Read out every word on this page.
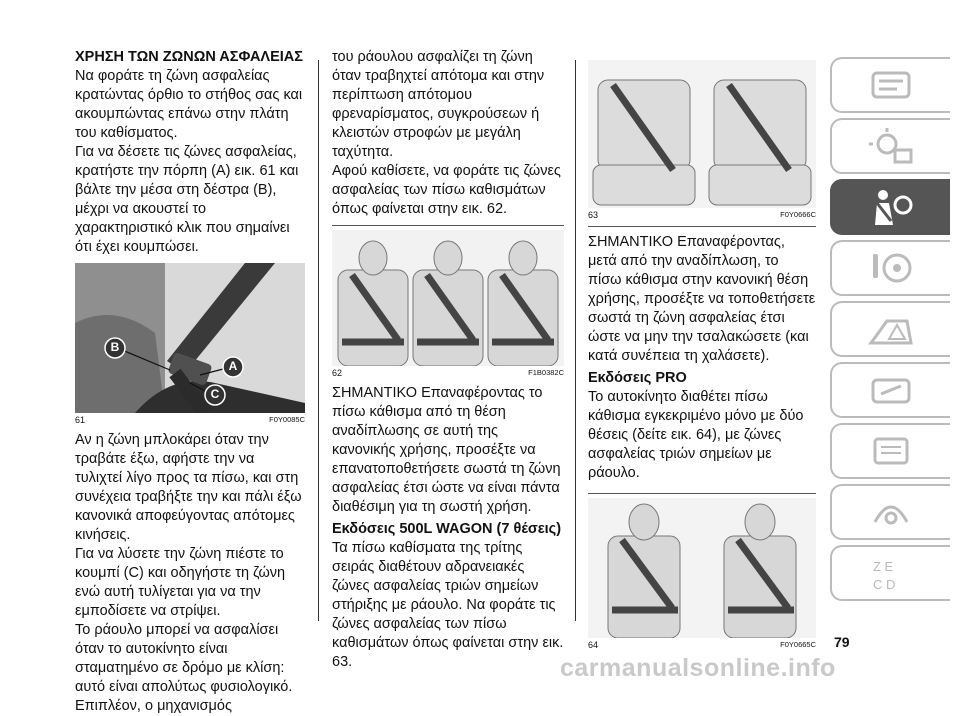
ΧΡΗΣΗ ΤΩΝ ΖΩΝΩΝ ΑΣΦΑΛΕΙΑΣ

Να φοράτε τη ζώνη ασφαλείας κρατώντας όρθιο το στήθος σας και ακουμπώντας επάνω στην πλάτη του καθίσματος.

Για να δέσετε τις ζώνες ασφαλείας, κρατήστε την πόρπη (A) εικ. 61 και βάλτε την μέσα στη δέστρα (B), μέχρι να ακουστεί το χαρακτηριστικό κλικ που σημαίνει ότι έχει κουμπώσει.

B
A
C
61	F0Y0085C

Αν η ζώνη μπλοκάρει όταν την τραβάτε έξω, αφήστε την να τυλιχτεί λίγο προς τα πίσω, και στη συνέχεια τραβήξτε την και πάλι έξω κανονικά αποφεύγοντας απότομες κινήσεις.

Για να λύσετε την ζώνη πιέστε το κουμπί (C) και οδηγήστε τη ζώνη ενώ αυτή τυλίγεται για να την εμποδίσετε να στρίψει.

Το ράουλο μπορεί να ασφαλίσει όταν το αυτοκίνητο είναι σταματημένο σε δρόμο με κλίση: αυτό είναι απολύτως φυσιολογικό. Επιπλέον, ο μηχανισμός

του ράουλου ασφαλίζει τη ζώνη όταν τραβηχτεί απότομα και στην περίπτωση απότομου φρεναρίσματος, συγκρούσεων ή κλειστών στροφών με μεγάλη ταχύτητα.

Αφού καθίσετε, να φοράτε τις ζώνες ασφαλείας των πίσω καθισμάτων όπως φαίνεται στην εικ. 62.

62	F1B0382C

ΣΗΜΑΝΤΙΚΟ Επαναφέροντας το πίσω κάθισμα από τη θέση αναδίπλωσης σε αυτή της κανονικής χρήσης, προσέξτε να επανατοποθετήσετε σωστά τη ζώνη ασφαλείας έτσι ώστε να είναι πάντα διαθέσιμη για τη σωστή χρήση.

Εκδόσεις 500L WAGON (7 θέσεις)

Τα πίσω καθίσματα της τρίτης σειράς διαθέτουν αδρανειακές ζώνες ασφαλείας τριών σημείων στήριξης με ράουλο. Να φοράτε τις ζώνες ασφαλείας των πίσω καθισμάτων όπως φαίνεται στην εικ. 63.

63	F0Y0666C

ΣΗΜΑΝΤΙΚΟ Επαναφέροντας, μετά από την αναδίπλωση, το πίσω κάθισμα στην κανονική θέση χρήσης, προσέξτε να τοποθετήσετε σωστά τη ζώνη ασφαλείας έτσι ώστε να μην την τσαλακώσετε (και κατά συνέπεια τη χαλάσετε).

Εκδόσεις PRO

Το αυτοκίνητο διαθέτει πίσω κάθισμα εγκεκριμένο μόνο με δύο θέσεις (δείτε εικ. 64), με ζώνες ασφαλείας τριών σημείων με ράουλο.

64	F0Y0665C
Z E
C D
79
carmanualsonline.info
